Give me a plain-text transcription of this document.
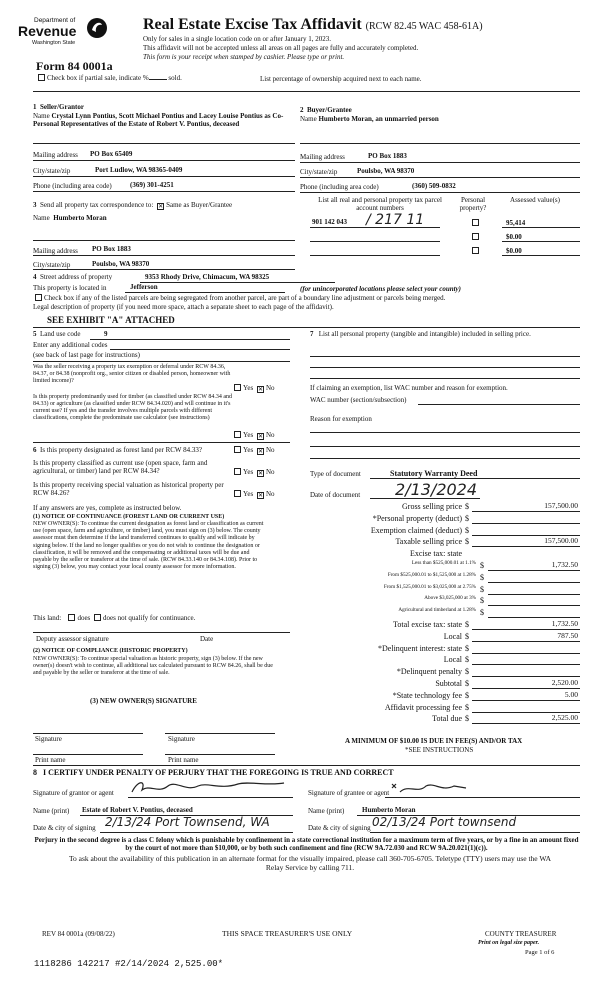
Department of
Revenue
Washington State
Real Estate Excise Tax Affidavit (RCW 82.45 WAC 458-61A)
Only for sales in a single location code on or after January 1, 2023.
This affidavit will not be accepted unless all areas on all pages are fully and accurately completed.
This form is your receipt when stamped by cashier. Please type or print.
Form 84 0001a
Check box if partial sale, indicate %	sold.	List percentage of ownership acquired next to each name.
1 Seller/Grantor
Name Crystal Lynn Pontius, Scott Michael Pontius and Lacey Louise Pontius as Co-Personal Representatives of the Estate of Robert V. Pontius, deceased
Mailing address PO Box 65409
City/state/zip	Port Ludlow, WA 98365-0409
Phone (including area code)	(369) 301-4251
2 Buyer/Grantee
Name Humberto Moran, an unmarried person
Mailing address	PO Box 1883
City/state/zip	Poulsbo, WA 98370
Phone (including area code)	(360) 509-0832
3 Send all property tax correspondence to: ✕ Same as Buyer/Grantee
Name Humberto Moran
Mailing address PO Box 1883
City/state/zip	Poulsbo, WA 98370
List all real and personal property tax parcel account numbers
Personal property?
Assessed value(s)
901 142 043 / 217 11	95,414
$0.00
$0.00
4 Street address of property	9353 Rhody Drive, Chimacum, WA 98325
This property is located in	Jefferson	(for unincorporated locations please select your county)
Check box if any of the listed parcels are being segregated from another parcel, are part of a boundary line adjustment or parcels being merged.
Legal description of property (if you need more space, attach a separate sheet to each page of the affidavit).
SEE EXHIBIT "A" ATTACHED
5 Land use code	9
Enter any additional codes
(see back of last page for instructions)
Was the seller receiving a property tax exemption or deferral under RCW 84.36, 84.37, or 84.38 (nonprofit org., senior citizen or disabled person, homeowner with limited income)?
Yes ✕ No
Is this property predominantly used for timber (as classified under RCW 84.34 and 84.33) or agriculture (as classified under RCW 84.34.020) and will continue in it's current use? If yes and the transfer involves multiple parcels with different classifications, complete the predominate use calculator (see instructions)
Yes ✕ No
6 Is this property designated as forest land per RCW 84.33?	Yes ✕ No
Is this property classified as current use (open space, farm and agricultural, or timber) land per RCW 84.34?	Yes ✕ No
Is this property receiving special valuation as historical property per RCW 84.26?	Yes ✕ No
If any answers are yes, complete as instructed below.
(1) NOTICE OF CONTINUANCE (FOREST LAND OR CURRENT USE)
NEW OWNER(S): To continue the current designation as forest land or classification as current use (open space, farm and agriculture, or timber) land, you must sign on (3) below. The county assessor must then determine if the land transferred continues to qualify and will indicate by signing below. If the land no longer qualifies or you do not wish to continue the designation or classification, it will be removed and the compensating or additional taxes will be due and payable by the seller or transferor at the time of sale. (RCW 84.33.140 or 84.34.108). Prior to signing (3) below, you may contact your local county assessor for more information.
This land: does does not qualify for continuance.
Deputy assessor signature	Date
(2) NOTICE OF COMPLIANCE (HISTORIC PROPERTY)
NEW OWNER(S): To continue special valuation as historic property, sign (3) below. If the new owner(s) doesn't wish to continue, all additional tax calculated pursuant to RCW 84.26, shall be due and payable by the seller or transferor at the time of sale.
(3) NEW OWNER(S) SIGNATURE
Signature	Signature
Print name	Print name
7 List all personal property (tangible and intangible) included in selling price.
If claiming an exemption, list WAC number and reason for exemption.
WAC number (section/subsection)
Reason for exemption
Type of document	Statutory Warranty Deed
Date of document 2/13/2024
Gross selling price $	157,500.00
*Personal property (deduct) $
Exemption claimed (deduct) $
Taxable selling price $	157,500.00
Excise tax: state
Less than $525,000.01 at 1.1% $	1,732.50
From $525,000.01 to $1,525,000 at 1.28% $
From $1,525,000.01 to $3,025,000 at 2.75% $
Above $3,025,000 at 3% $
Agricultural and timberland at 1.28% $
Total excise tax: state $	1,732.50
Local $	787.50
*Delinquent interest: state $
Local $
*Delinquent penalty $
Subtotal $	2,520.00
*State technology fee $	5.00
Affidavit processing fee $
Total due $	2,525.00
A MINIMUM OF $10.00 IS DUE IN FEE(S) AND/OR TAX
*SEE INSTRUCTIONS
8 I CERTIFY UNDER PENALTY OF PERJURY THAT THE FOREGOING IS TRUE AND CORRECT
Signature of grantor or agent	Signature of grantee or agent
Name (print) Estate of Robert V. Pontius, deceased	Name (print)	Humberto Moran
Date & city of signing 2/13/24 Port Townsend, WA	Date & city of signing 02/13/24 Port townsend
Perjury in the second degree is a class C felony which is punishable by confinement in a state correctional institution for a maximum term of five years, or by a fine in an amount fixed by the court of not more than $10,000, or by both such confinement and fine (RCW 9A.72.030 and RCW 9A.20.021(1)(c)).
To ask about the availability of this publication in an alternate format for the visually impaired, please call 360-705-6705. Teletype (TTY) users may use the WA Relay Service by calling 711.
REV 84 0001a (09/08/22)	THIS SPACE TREASURER'S USE ONLY	COUNTY TREASURER
Print on legal size paper.
Page 1 of 6
1118286 142217 #2/14/2024 2,525.00*
